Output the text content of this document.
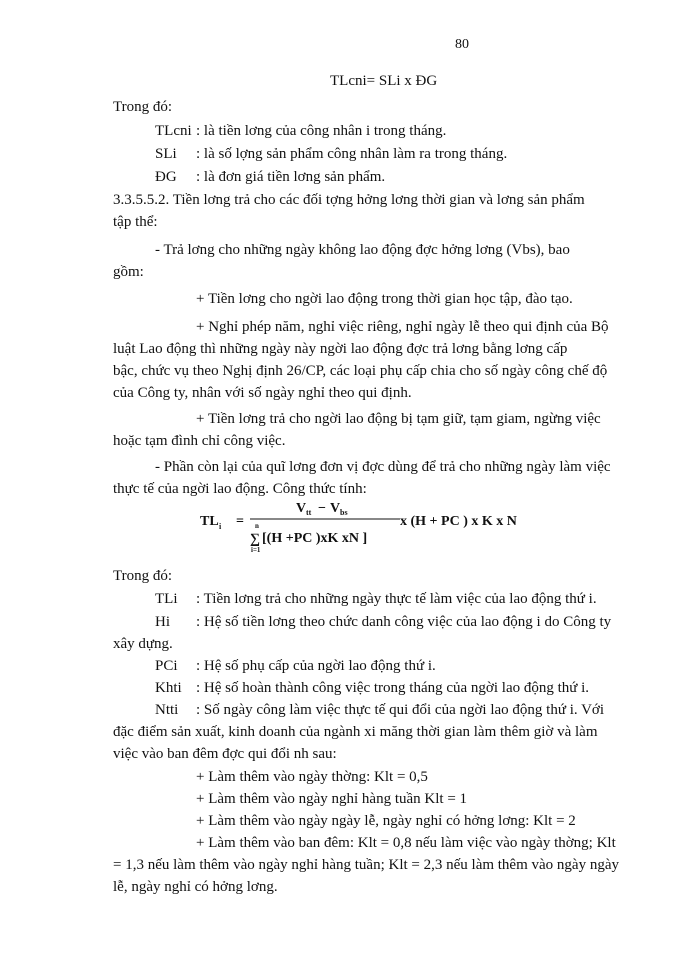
80
TLcni= SLi x ĐG
Trong đó:
TLcni : là tiền lơng của công nhân i trong tháng.
SLi : là số lợng sản phẩm công nhân làm ra trong tháng.
ĐG : là đơn giá tiền lơng sản phẩm.
3.3.5.5.2. Tiền lơng trả cho các đối tợng hởng lơng thời gian và lơng sản phẩm
tập thể:
- Trả lơng cho những ngày không lao động đợc hởng lơng (Vbs), bao
gồm:
+ Tiền lơng cho ngời lao động trong thời gian học tập, đào tạo.
+ Nghỉ phép năm, nghỉ việc riêng, nghỉ ngày lễ theo qui định của Bộ
luật Lao động thì những ngày này ngời lao động đợc trả lơng bằng lơng cấp
bậc, chức vụ theo Nghị định 26/CP, các loại phụ cấp chia cho số ngày công chế độ
của Công ty, nhân với số ngày nghỉ theo qui định.
+ Tiền lơng trả cho ngời lao động bị tạm giữ, tạm giam, ngừng việc
hoặc tạm đình chỉ công việc.
- Phần còn lại của quĩ lơng đơn vị đợc dùng để trả cho những ngày làm việc
thực tế của ngời lao động. Công thức tính:
TL i =
V tt − V bs
n
∑
i=1
[(H +PC )xK xN ]
x (H + PC ) x K x N
Trong đó:
TLi : Tiền lơng trả cho những ngày thực tế làm việc của lao động thứ i.
Hi : Hệ số tiền lơng theo chức danh công việc của lao động i do Công ty
xây dựng.
PCi : Hệ số phụ cấp của ngời lao động thứ i.
Khti : Hệ số hoàn thành công việc trong tháng của ngời lao động thứ i.
Ntti : Số ngày công làm việc thực tế qui đổi của ngời lao động thứ i. Với
đặc điểm sản xuất, kinh doanh của ngành xi măng thời gian làm thêm giờ và làm
việc vào ban đêm đợc qui đổi nh sau:
+ Làm thêm vào ngày thờng: Klt = 0,5
+ Làm thêm vào ngày nghỉ hàng tuần Klt = 1
+ Làm thêm vào ngày ngày lễ, ngày nghỉ có hởng lơng: Klt = 2
+ Làm thêm vào ban đêm: Klt = 0,8 nếu làm việc vào ngày thờng; Klt
= 1,3 nếu làm thêm vào ngày nghỉ hàng tuần; Klt = 2,3 nếu làm thêm vào ngày ngày
lễ, ngày nghỉ có hởng lơng.
